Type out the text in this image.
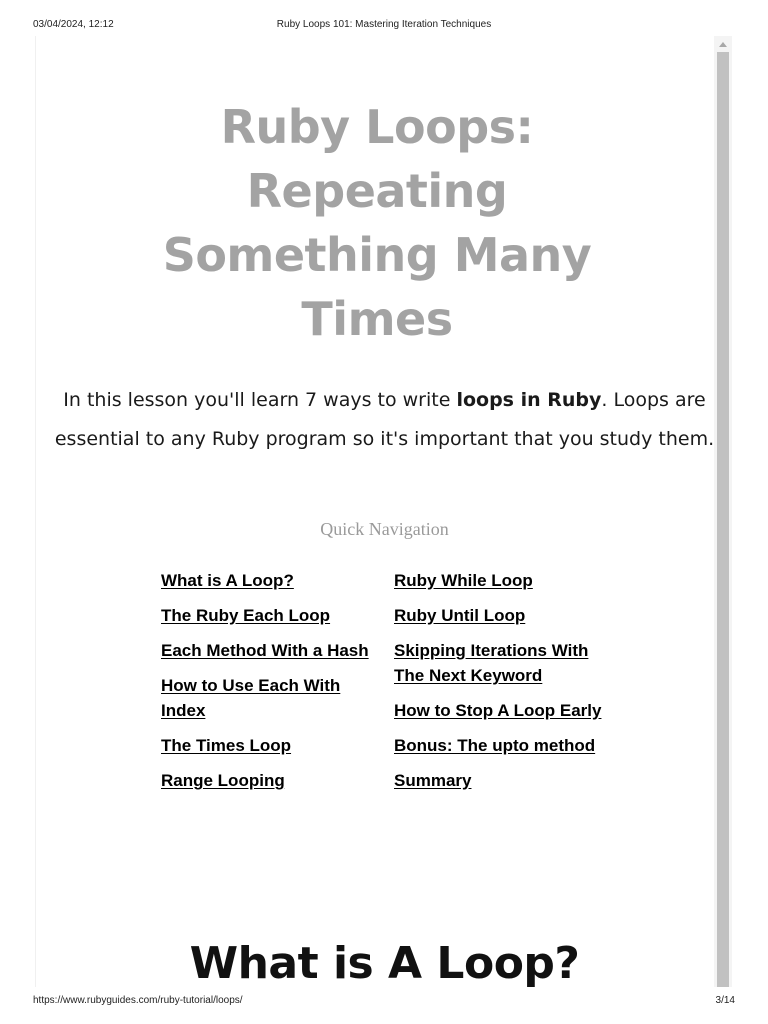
03/04/2024, 12:12	Ruby Loops 101: Mastering Iteration Techniques
Ruby Loops:
Repeating
Something Many
Times

In this lesson you'll learn 7 ways to write loops in Ruby. Loops are essential to any Ruby program so it's important that you study them.

Quick Navigation
What is A Loop?
The Ruby Each Loop
Each Method With a Hash
How to Use Each With Index
The Times Loop
Range Looping
Ruby While Loop
Ruby Until Loop
Skipping Iterations With The Next Keyword
How to Stop A Loop Early
Bonus: The upto method
Summary
What is A Loop?
https://www.rubyguides.com/ruby-tutorial/loops/	3/14
